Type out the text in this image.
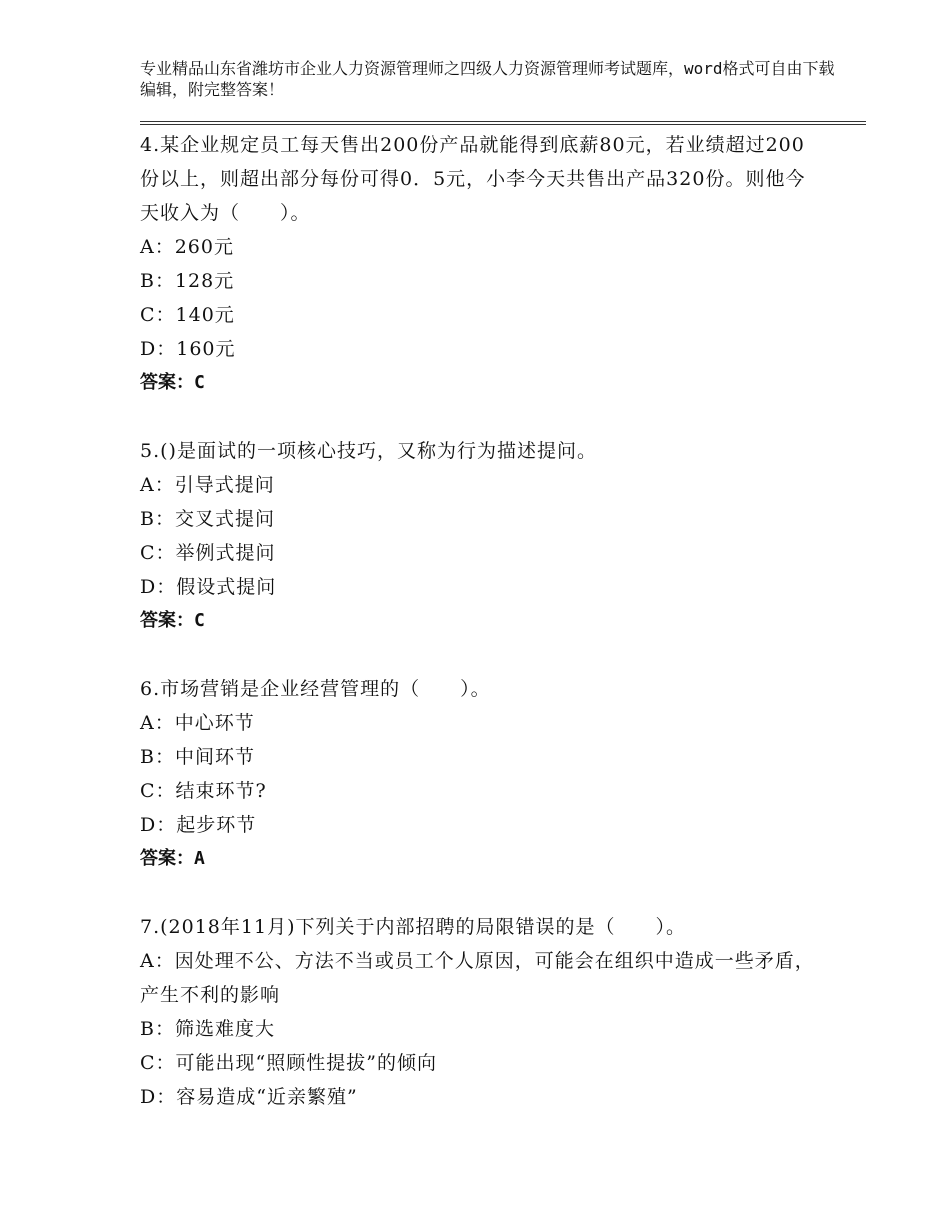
专业精品山东省潍坊市企业人力资源管理师之四级人力资源管理师考试题库，word格式可自由下载编辑，附完整答案！
4.某企业规定员工每天售出200份产品就能得到底薪80元，若业绩超过200份以上，则超出部分每份可得0．5元，小李今天共售出产品320份。则他今天收入为（　　）。
A：260元
B：128元
C：140元
D：160元
答案：C
5.()是面试的一项核心技巧，又称为行为描述提问。
A：引导式提问
B：交叉式提问
C：举例式提问
D：假设式提问
答案：C
6.市场营销是企业经营管理的（　　）。
A：中心环节
B：中间环节
C：结束环节?
D：起步环节
答案：A
7.(2018年11月)下列关于内部招聘的局限错误的是（　　）。
A：因处理不公、方法不当或员工个人原因，可能会在组织中造成一些矛盾，产生不利的影响
B：筛选难度大
C：可能出现“照顾性提拔”的倾向
D：容易造成“近亲繁殖”
